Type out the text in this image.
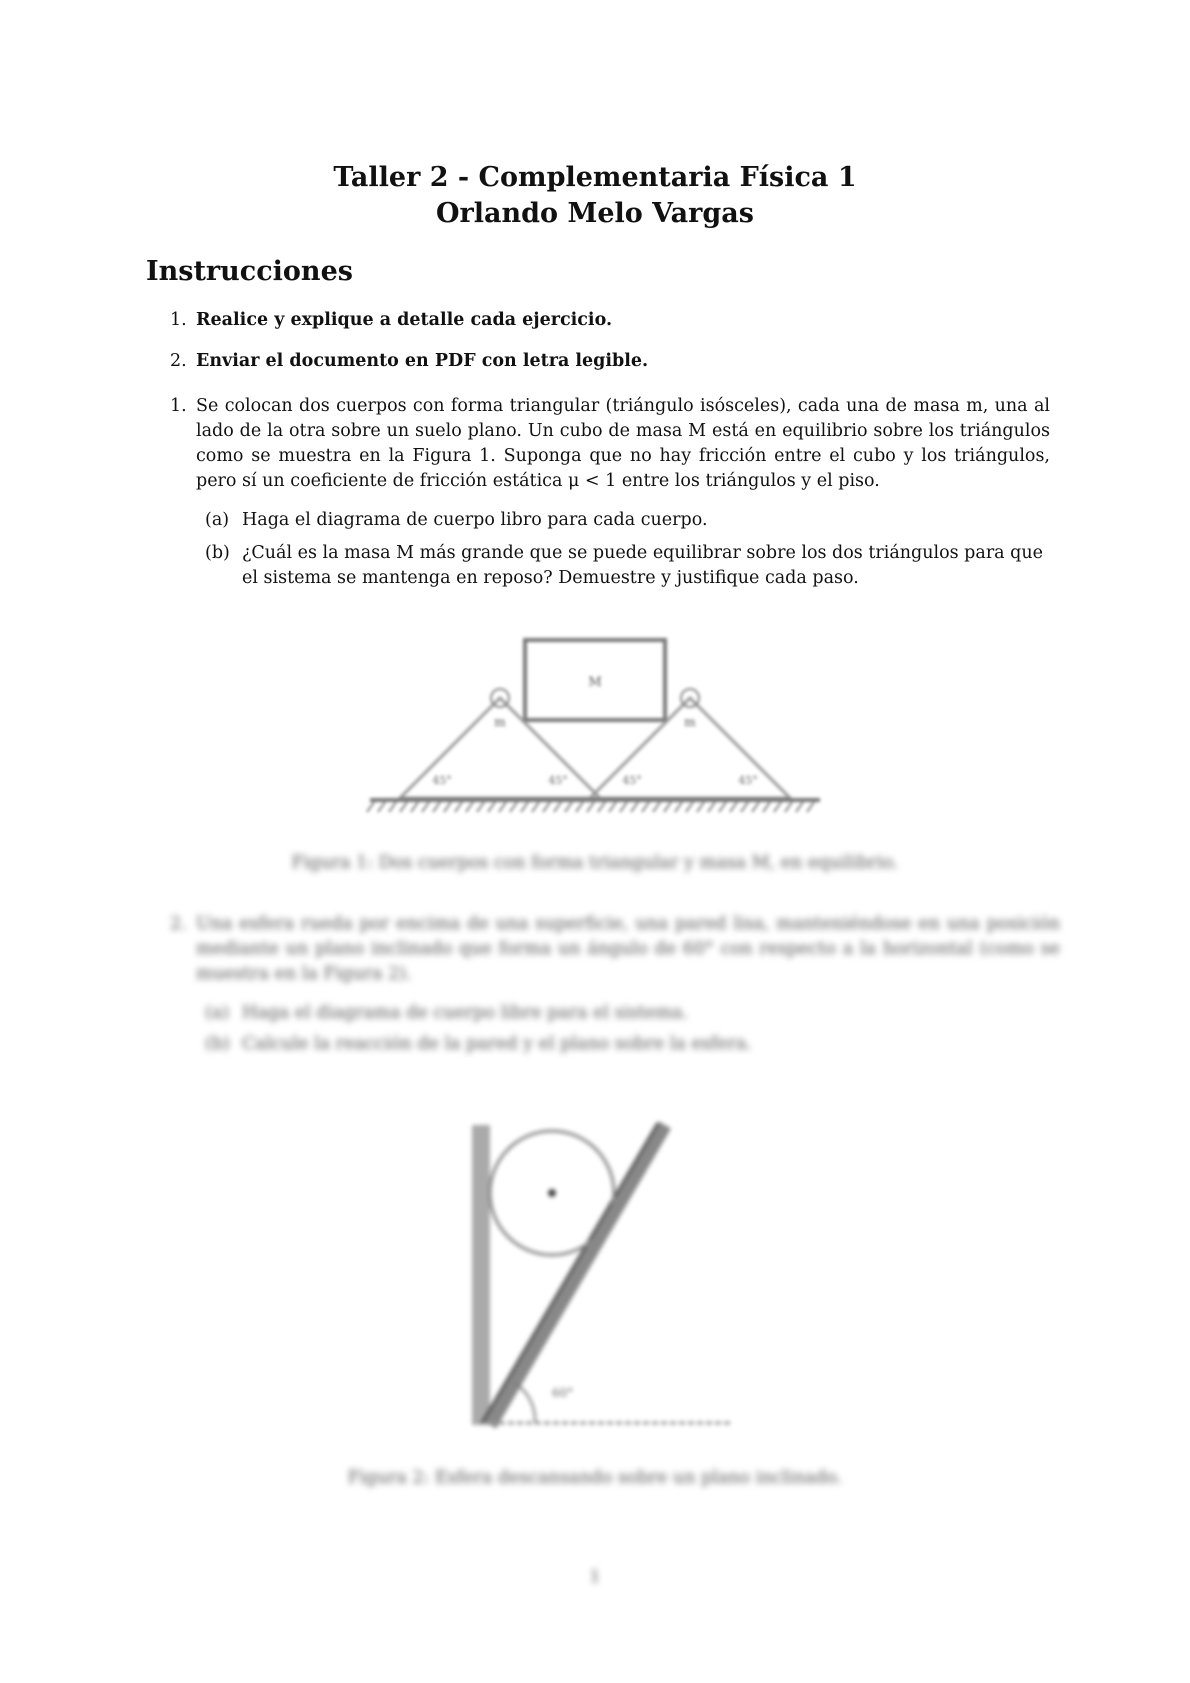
Taller 2 - Complementaria Física 1
Orlando Melo Vargas
Instrucciones
1. Realice y explique a detalle cada ejercicio.
2. Enviar el documento en PDF con letra legible.
1. Se colocan dos cuerpos con forma triangular (triángulo isósceles), cada una de masa m, una al lado de la otra sobre un suelo plano. Un cubo de masa M está en equilibrio sobre los triángulos como se muestra en la Figura 1. Suponga que no hay fricción entre el cubo y los triángulos, pero sí un coeficiente de fricción estática μ < 1 entre los triángulos y el piso.
(a) Haga el diagrama de cuerpo libro para cada cuerpo.
(b) ¿Cuál es la masa M más grande que se puede equilibrar sobre los dos triángulos para que el sistema se mantenga en reposo? Demuestre y justifique cada paso.
M
m	m
45°	45°	45°	45°
Figura 1: Dos cuerpos con forma triangular y masa M, en equilibrio.
2. Una esfera rueda por encima de una superficie, una pared lisa, manteniéndose en una posición mediante un plano inclinado que forma un ángulo de 60° con respecto a la horizontal (como se muestra en la Figura 2).
(a) Haga el diagrama de cuerpo libre para el sistema.
(b) Calcule la reacción de la pared y el plano sobre la esfera.
60°
Figura 2: Esfera descansando sobre un plano inclinado.
1
